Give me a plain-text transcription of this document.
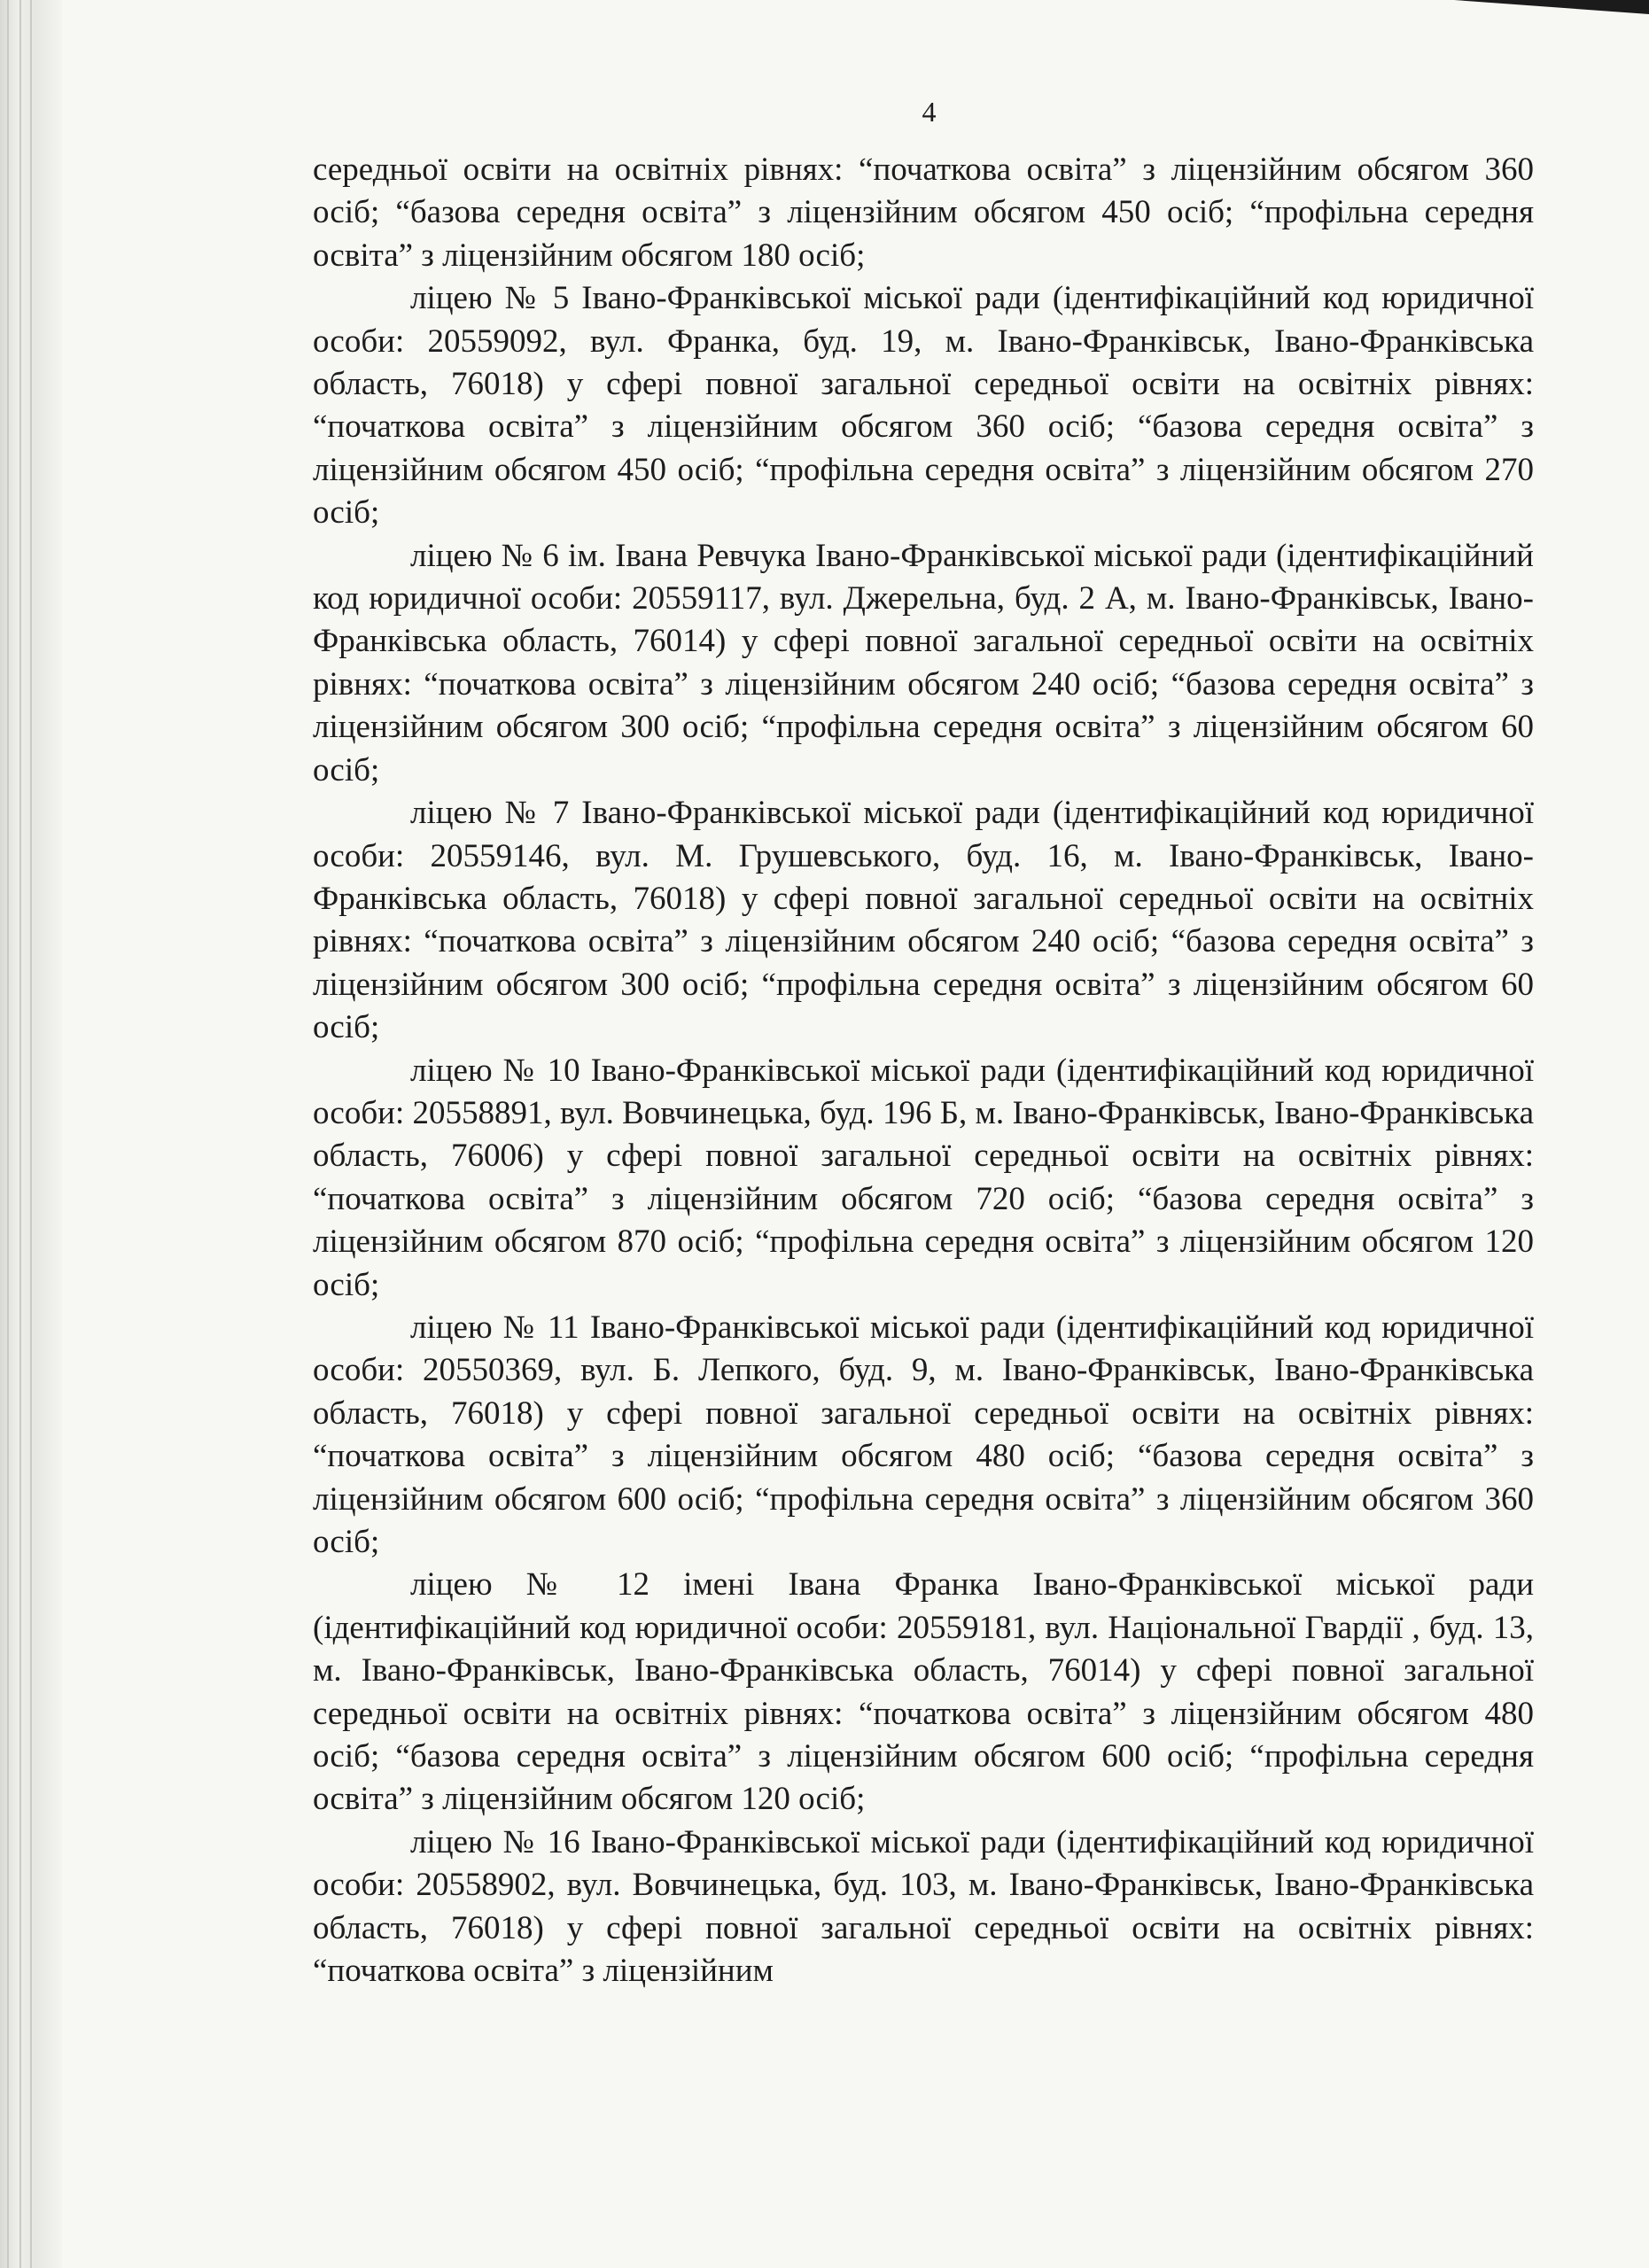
4

середньої освіти на освітніх рівнях: “початкова освіта” з ліцензійним обсягом 360 осіб; “базова середня освіта” з ліцензійним обсягом 450 осіб; “профільна середня освіта” з ліцензійним обсягом 180 осіб;

ліцею № 5 Івано-Франківської міської ради (ідентифікаційний код юридичної особи: 20559092, вул. Франка, буд. 19, м. Івано-Франківськ, Івано-Франківська область, 76018) у сфері повної загальної середньої освіти на освітніх рівнях: “початкова освіта” з ліцензійним обсягом 360 осіб; “базова середня освіта” з ліцензійним обсягом 450 осіб; “профільна середня освіта” з ліцензійним обсягом 270 осіб;

ліцею № 6 ім. Івана Ревчука Івано-Франківської міської ради (ідентифікаційний код юридичної особи: 20559117, вул. Джерельна, буд. 2 А, м. Івано-Франківськ, Івано-Франківська область, 76014) у сфері повної загальної середньої освіти на освітніх рівнях: “початкова освіта” з ліцензійним обсягом 240 осіб; “базова середня освіта” з ліцензійним обсягом 300 осіб; “профільна середня освіта” з ліцензійним обсягом 60 осіб;

ліцею № 7 Івано-Франківської міської ради (ідентифікаційний код юридичної особи: 20559146, вул. М. Грушевського, буд. 16, м. Івано-Франківськ, Івано-Франківська область, 76018) у сфері повної загальної середньої освіти на освітніх рівнях: “початкова освіта” з ліцензійним обсягом 240 осіб; “базова середня освіта” з ліцензійним обсягом 300 осіб; “профільна середня освіта” з ліцензійним обсягом 60 осіб;

ліцею № 10 Івано-Франківської міської ради (ідентифікаційний код юридичної особи: 20558891, вул. Вовчинецька, буд. 196 Б, м. Івано-Франківськ, Івано-Франківська область, 76006) у сфері повної загальної середньої освіти на освітніх рівнях: “початкова освіта” з ліцензійним обсягом 720 осіб; “базова середня освіта” з ліцензійним обсягом 870 осіб; “профільна середня освіта” з ліцензійним обсягом 120 осіб;

ліцею № 11 Івано-Франківської міської ради (ідентифікаційний код юридичної особи: 20550369, вул. Б. Лепкого, буд. 9, м. Івано-Франківськ, Івано-Франківська область, 76018) у сфері повної загальної середньої освіти на освітніх рівнях: “початкова освіта” з ліцензійним обсягом 480 осіб; “базова середня освіта” з ліцензійним обсягом 600 осіб; “профільна середня освіта” з ліцензійним обсягом 360 осіб;

ліцею № 12 імені Івана Франка Івано-Франківської міської ради (ідентифікаційний код юридичної особи: 20559181, вул. Національної Гвардії , буд. 13, м. Івано-Франківськ, Івано-Франківська область, 76014) у сфері повної загальної середньої освіти на освітніх рівнях: “початкова освіта” з ліцензійним обсягом 480 осіб; “базова середня освіта” з ліцензійним обсягом 600 осіб; “профільна середня освіта” з ліцензійним обсягом 120 осіб;

ліцею № 16 Івано-Франківської міської ради (ідентифікаційний код юридичної особи: 20558902, вул. Вовчинецька, буд. 103, м. Івано-Франківськ, Івано-Франківська область, 76018) у сфері повної загальної середньої освіти на освітніх рівнях: “початкова освіта” з ліцензійним
